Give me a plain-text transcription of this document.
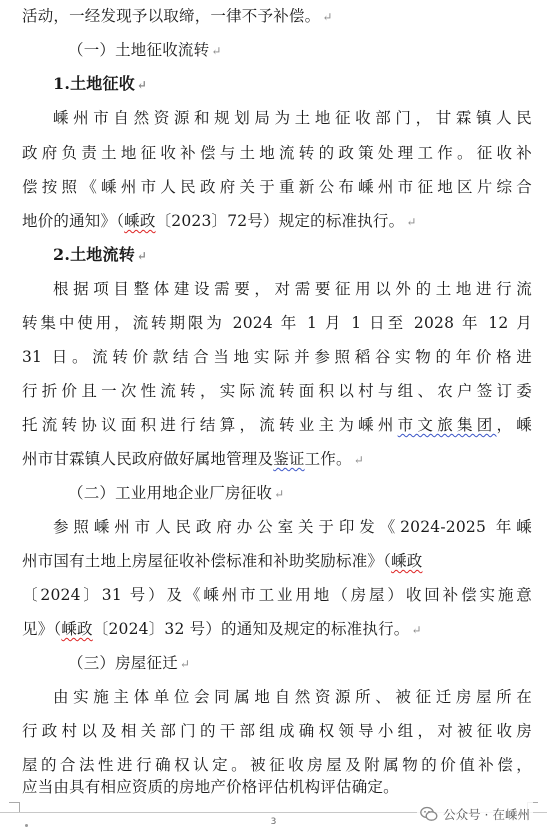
活动，一经发现予以取缔，一律不予补偿。 ↵
（一）土地征收流转 ↵
1.土地征收 ↵
嵊州市自然资源和规划局为土地征收部门，甘霖镇人民
政府负责土地征收补偿与土地流转的政策处理工作。征收补
偿按照《嵊州市人民政府关于重新公布嵊州市征地区片综合
地价的通知》（嵊政〔2023〕72号）规定的标准执行。 ↵
2.土地流转 ↵
根据项目整体建设需要，对需要征用以外的土地进行流
转集中使用，流转期限为 2024 年 1 月 1 日至 2028 年 12 月
31 日。流转价款结合当地实际并参照稻谷实物的年价格进
行折价且一次性流转，实际流转面积以村与组、农户签订委
托流转协议面积进行结算，流转业主为嵊州市文旅集团，嵊
州市甘霖镇人民政府做好属地管理及鉴证工作。 ↵
（二）工业用地企业厂房征收 ↵
参照嵊州市人民政府办公室关于印发《2024-2025 年嵊
州市国有土地上房屋征收补偿标准和补助奖励标准》（嵊政
〔2024〕31 号）及《嵊州市工业用地（房屋）收回补偿实施意
见》（嵊政〔2024〕32 号）的通知及规定的标准执行。 ↵
（三）房屋征迁 ↵
由实施主体单位会同属地自然资源所、被征迁房屋所在
行政村以及相关部门的干部组成确权领导小组，对被征收房
屋的合法性进行确权认定。被征收房屋及附属物的价值补偿，
应当由具有相应资质的房地产价格评估机构评估确定。
3	公众号 · 在嵊州
